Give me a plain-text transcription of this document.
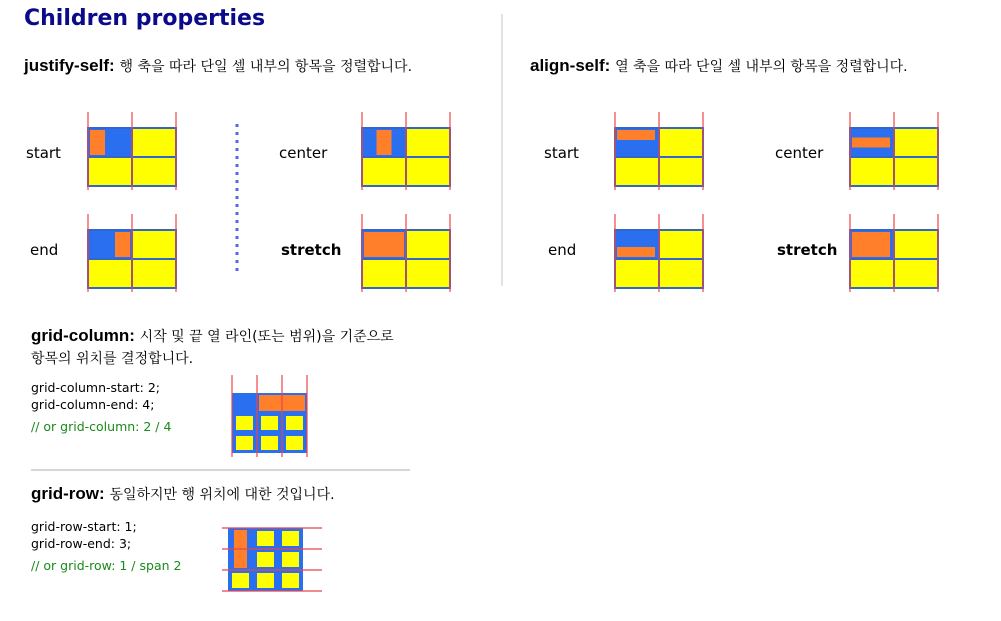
Children properties
justify-self: 행 축을 따라 단일 셀 내부의 항목을 정렬합니다.
start
end
center
stretch
align-self: 열 축을 따라 단일 셀 내부의 항목을 정렬합니다.
start
end
center
stretch
grid-column: 시작 및 끝 열 라인(또는 범위)을 기준으로
항목의 위치를 결정합니다.
grid-column-start: 2;
grid-column-end: 4;
// or grid-column: 2 / 4
grid-row: 동일하지만 행 위치에 대한 것입니다.
grid-row-start: 1;
grid-row-end: 3;
// or grid-row: 1 / span 2
